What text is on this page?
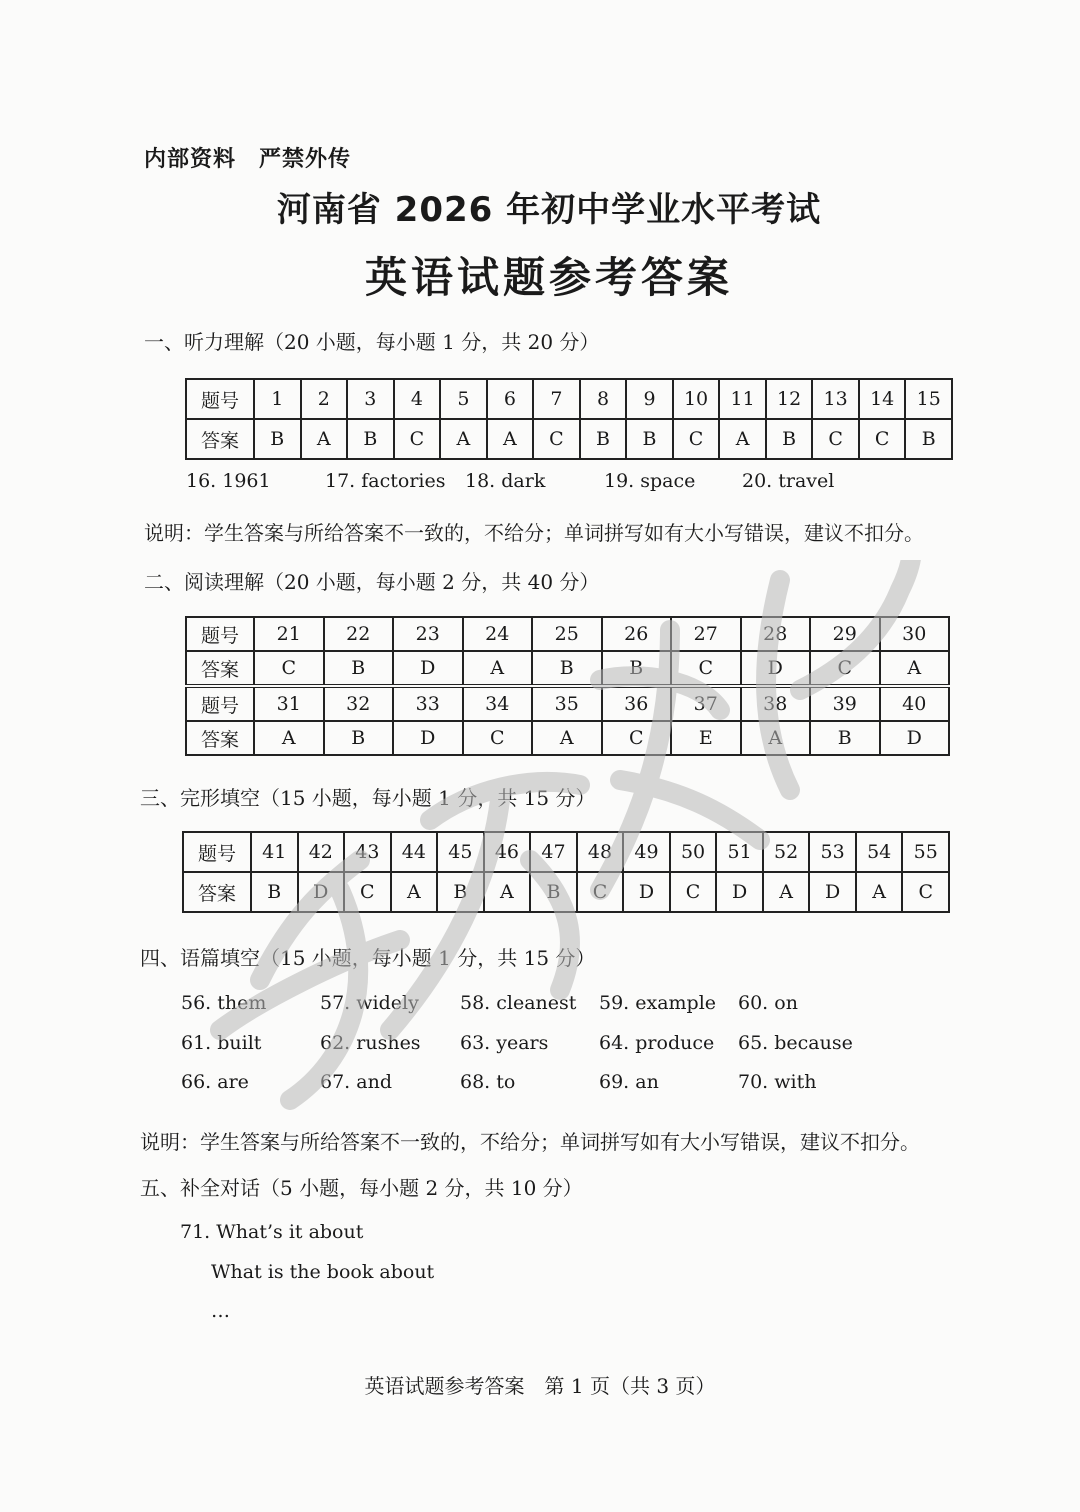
内部资料　严禁外传
河南省 2026 年初中学业水平考试
英语试题参考答案
一、听力理解（20 小题，每小题 1 分，共 20 分）
题号	1	2	3	4	5	6	7	8	9	10	11	12	13	14	15
答案	B	A	B	C	A	A	C	B	B	C	A	B	C	C	B
16. 1961	17. factories 18. dark	19. space 20. travel
说明：学生答案与所给答案不一致的，不给分；单词拼写如有大小写错误，建议不扣分。
二、阅读理解（20 小题，每小题 2 分，共 40 分）
题号	21	22	23	24	25	26	27	28	29	30
答案	C	B	D	A	B	B	C	D	C	A
题号	31	32	33	34	35	36	37	38	39	40
答案	A	B	D	C	A	C	E	A	B	D
三、完形填空（15 小题，每小题 1 分，共 15 分）
题号	41	42	43	44	45	46	47	48	49	50	51	52	53	54	55
答案	B	D	C	A	B	A	B	C	D	C	D	A	D	A	C
四、语篇填空（15 小题，每小题 1 分，共 15 分）
56. them	57. widely 58. cleanest 59. example 60. on
61. built	62. rushes 63. years	64. produce 65. because
66. are	67. and	68. to	69. an	70. with
说明：学生答案与所给答案不一致的，不给分；单词拼写如有大小写错误，建议不扣分。
五、补全对话（5 小题，每小题 2 分，共 10 分）
71. What’s it about
What is the book about
…
英语试题参考答案　第 1 页（共 3 页）
